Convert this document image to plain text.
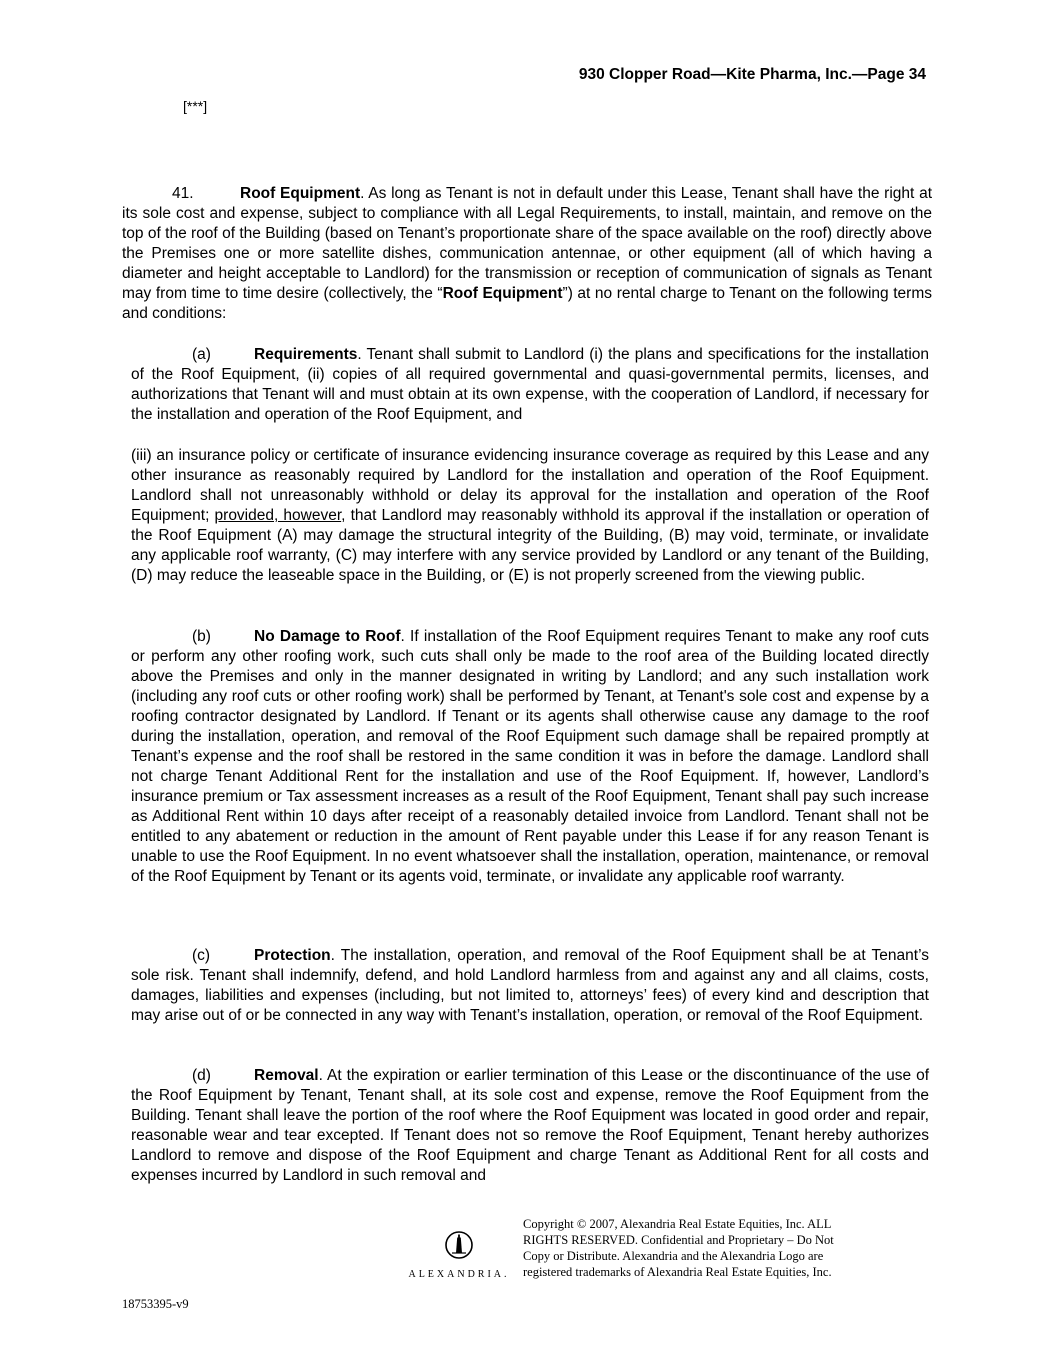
930 Clopper Road—Kite Pharma, Inc.—Page 34
[***]
41.	Roof Equipment. As long as Tenant is not in default under this Lease, Tenant shall have the right at its sole cost and expense, subject to compliance with all Legal Requirements, to install, maintain, and remove on the top of the roof of the Building (based on Tenant’s proportionate share of the space available on the roof) directly above the Premises one or more satellite dishes, communication antennae, or other equipment (all of which having a diameter and height acceptable to Landlord) for the transmission or reception of communication of signals as Tenant may from time to time desire (collectively, the “Roof Equipment”) at no rental charge to Tenant on the following terms and conditions:
(a)	Requirements. Tenant shall submit to Landlord (i) the plans and specifications for the installation of the Roof Equipment, (ii) copies of all required governmental and quasi-governmental permits, licenses, and authorizations that Tenant will and must obtain at its own expense, with the cooperation of Landlord, if necessary for the installation and operation of the Roof Equipment, and
(iii) an insurance policy or certificate of insurance evidencing insurance coverage as required by this Lease and any other insurance as reasonably required by Landlord for the installation and operation of the Roof Equipment. Landlord shall not unreasonably withhold or delay its approval for the installation and operation of the Roof Equipment; provided, however, that Landlord may reasonably withhold its approval if the installation or operation of the Roof Equipment (A) may damage the structural integrity of the Building, (B) may void, terminate, or invalidate any applicable roof warranty, (C) may interfere with any service provided by Landlord or any tenant of the Building, (D) may reduce the leaseable space in the Building, or (E) is not properly screened from the viewing public.
(b)	No Damage to Roof. If installation of the Roof Equipment requires Tenant to make any roof cuts or perform any other roofing work, such cuts shall only be made to the roof area of the Building located directly above the Premises and only in the manner designated in writing by Landlord; and any such installation work (including any roof cuts or other roofing work) shall be performed by Tenant, at Tenant's sole cost and expense by a roofing contractor designated by Landlord. If Tenant or its agents shall otherwise cause any damage to the roof during the installation, operation, and removal of the Roof Equipment such damage shall be repaired promptly at Tenant’s expense and the roof shall be restored in the same condition it was in before the damage. Landlord shall not charge Tenant Additional Rent for the installation and use of the Roof Equipment. If, however, Landlord’s insurance premium or Tax assessment increases as a result of the Roof Equipment, Tenant shall pay such increase as Additional Rent within 10 days after receipt of a reasonably detailed invoice from Landlord. Tenant shall not be entitled to any abatement or reduction in the amount of Rent payable under this Lease if for any reason Tenant is unable to use the Roof Equipment. In no event whatsoever shall the installation, operation, maintenance, or removal of the Roof Equipment by Tenant or its agents void, terminate, or invalidate any applicable roof warranty.
(c)	Protection. The installation, operation, and removal of the Roof Equipment shall be at Tenant’s sole risk. Tenant shall indemnify, defend, and hold Landlord harmless from and against any and all claims, costs, damages, liabilities and expenses (including, but not limited to, attorneys’ fees) of every kind and description that may arise out of or be connected in any way with Tenant’s installation, operation, or removal of the Roof Equipment.
(d)	Removal. At the expiration or earlier termination of this Lease or the discontinuance of the use of the Roof Equipment by Tenant, Tenant shall, at its sole cost and expense, remove the Roof Equipment from the Building. Tenant shall leave the portion of the roof where the Roof Equipment was located in good order and repair, reasonable wear and tear excepted. If Tenant does not so remove the Roof Equipment, Tenant hereby authorizes Landlord to remove and dispose of the Roof Equipment and charge Tenant as Additional Rent for all costs and expenses incurred by Landlord in such removal and
ALEXANDRIA.
Copyright © 2007, Alexandria Real Estate Equities, Inc. ALL
RIGHTS RESERVED. Confidential and Proprietary – Do Not
Copy or Distribute. Alexandria and the Alexandria Logo are
registered trademarks of Alexandria Real Estate Equities, Inc.
18753395-v9
